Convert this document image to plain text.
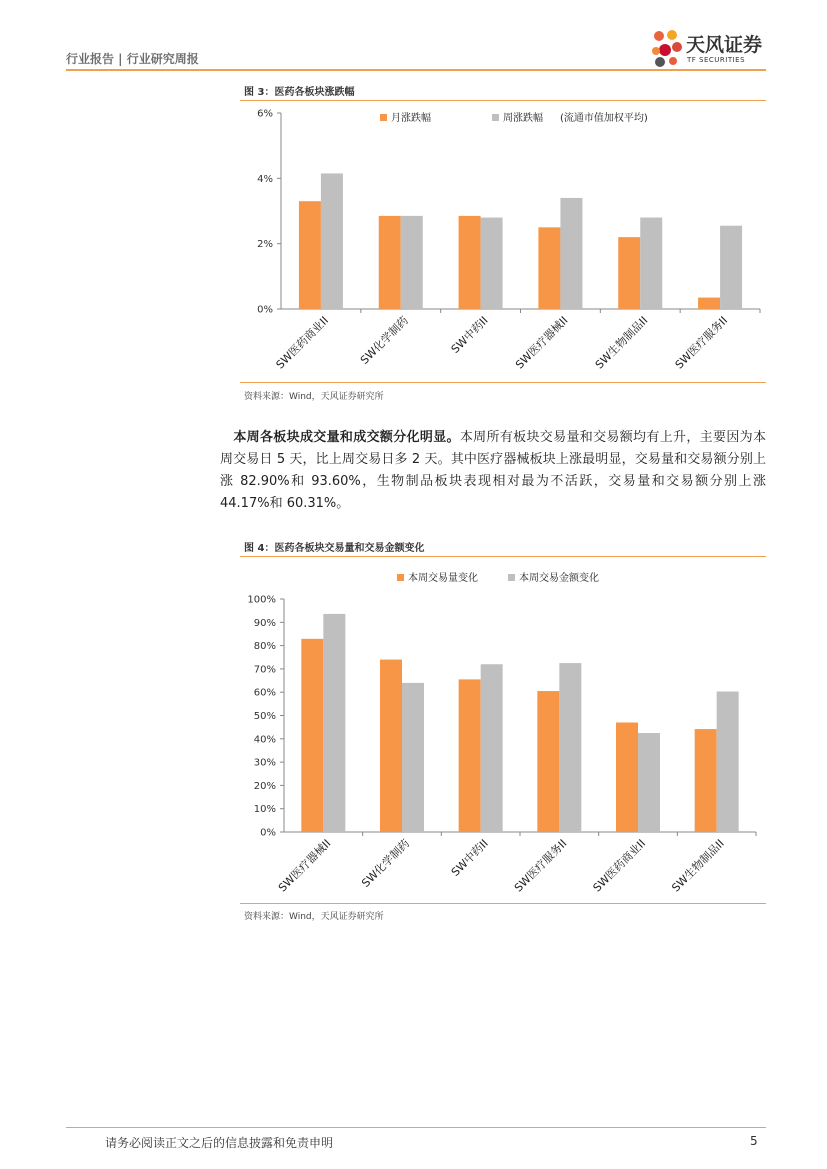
行业报告 | 行业研究周报
天风证券
TF SECURITIES
图 3：医药各板块涨跌幅
0%
2%
4%
6%
SW医药商业II SW化学制药	SW中药II SW医疗器械II SW生物制品II SW医疗服务II
月涨跌幅	周涨跌幅 (流通市值加权平均)
资料来源：Wind，天风证券研究所
本周各板块成交量和成交额分化明显。本周所有板块交易量和交易额均有上升，主要因为本周交易日 5 天，比上周交易日多 2 天。其中医疗器械板块上涨最明显，交易量和交易额分别上涨 82.90%和 93.60%，生物制品板块表现相对最为不活跃，交易量和交易额分别上涨 44.17%和 60.31%。
图 4：医药各板块交易量和交易金额变化
0%
10%
20%
30%
40%
50%
60%
70%
80%
90%
100%
SW医疗器械II SW化学制药	SW中药II SW医疗服务II SW医药商业II SW生物制品II
本周交易量变化	本周交易金额变化
资料来源：Wind，天风证券研究所
请务必阅读正文之后的信息披露和免责申明	5
